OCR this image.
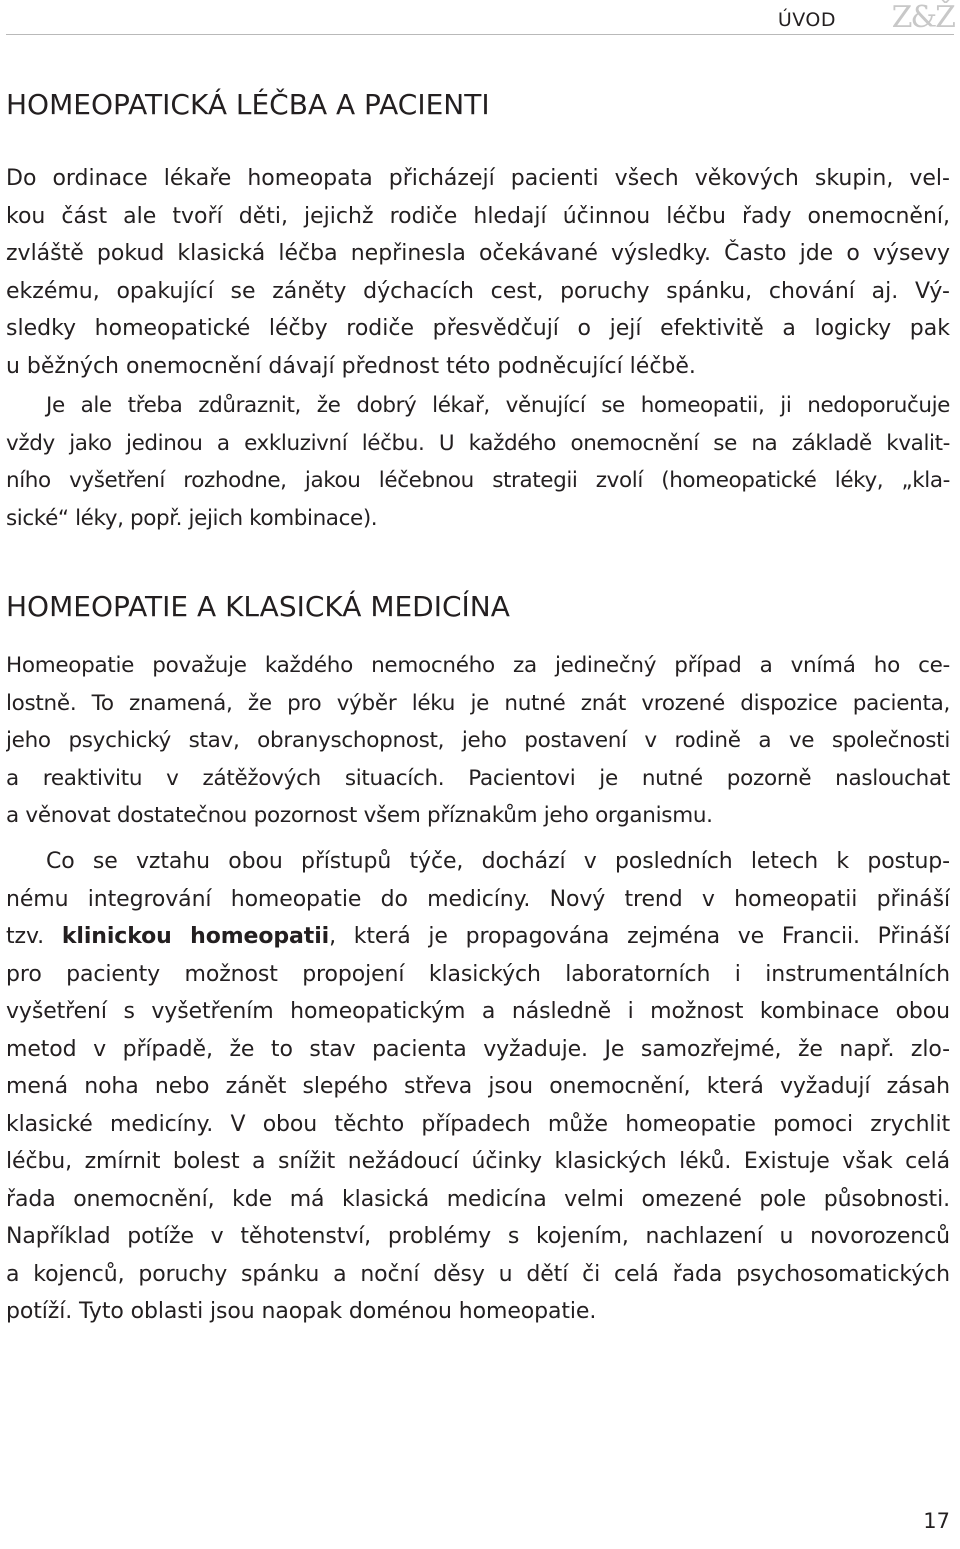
ÚVOD Z&Ž
HOMEOPATICKÁ LÉČBA A PACIENTI
Do ordinace lékaře homeopata přicházejí pacienti všech věkových skupin, vel-
kou část ale tvoří děti, jejichž rodiče hledají účinnou léčbu řady onemocnění,
zvláště pokud klasická léčba nepřinesla očekávané výsledky. Často jde o výsevy
ekzému, opakující se záněty dýchacích cest, poruchy spánku, chování aj. Vý-
sledky homeopatické léčby rodiče přesvědčují o její efektivitě a logicky pak
u běžných onemocnění dávají přednost této podněcující léčbě.
Je ale třeba zdůraznit, že dobrý lékař, věnující se homeopatii, ji nedoporučuje
vždy jako jedinou a exkluzivní léčbu. U každého onemocnění se na základě kvalit-
ního vyšetření rozhodne, jakou léčebnou strategii zvolí (homeopatické léky, „kla-
sické“ léky, popř. jejich kombinace).
HOMEOPATIE A KLASICKÁ MEDICÍNA
Homeopatie považuje každého nemocného za jedinečný případ a vnímá ho ce-
lostně. To znamená, že pro výběr léku je nutné znát vrozené dispozice pacienta,
jeho psychický stav, obranyschopnost, jeho postavení v rodině a ve společnosti
a reaktivitu v zátěžových situacích. Pacientovi je nutné pozorně naslouchat
a věnovat dostatečnou pozornost všem příznakům jeho organismu.
Co se vztahu obou přístupů týče, dochází v posledních letech k postup-
nému integrování homeopatie do medicíny. Nový trend v homeopatii přináší
tzv. klinickou homeopatii, která je propagována zejména ve Francii. Přináší
pro pacienty možnost propojení klasických laboratorních i instrumentálních
vyšetření s vyšetřením homeopatickým a následně i možnost kombinace obou
metod v případě, že to stav pacienta vyžaduje. Je samozřejmé, že např. zlo-
mená noha nebo zánět slepého střeva jsou onemocnění, která vyžadují zásah
klasické medicíny. V obou těchto případech může homeopatie pomoci zrychlit
léčbu, zmírnit bolest a snížit nežádoucí účinky klasických léků. Existuje však celá
řada onemocnění, kde má klasická medicína velmi omezené pole působnosti.
Například potíže v těhotenství, problémy s kojením, nachlazení u novorozenců
a kojenců, poruchy spánku a noční děsy u dětí či celá řada psychosomatických
potíží. Tyto oblasti jsou naopak doménou homeopatie.
17
